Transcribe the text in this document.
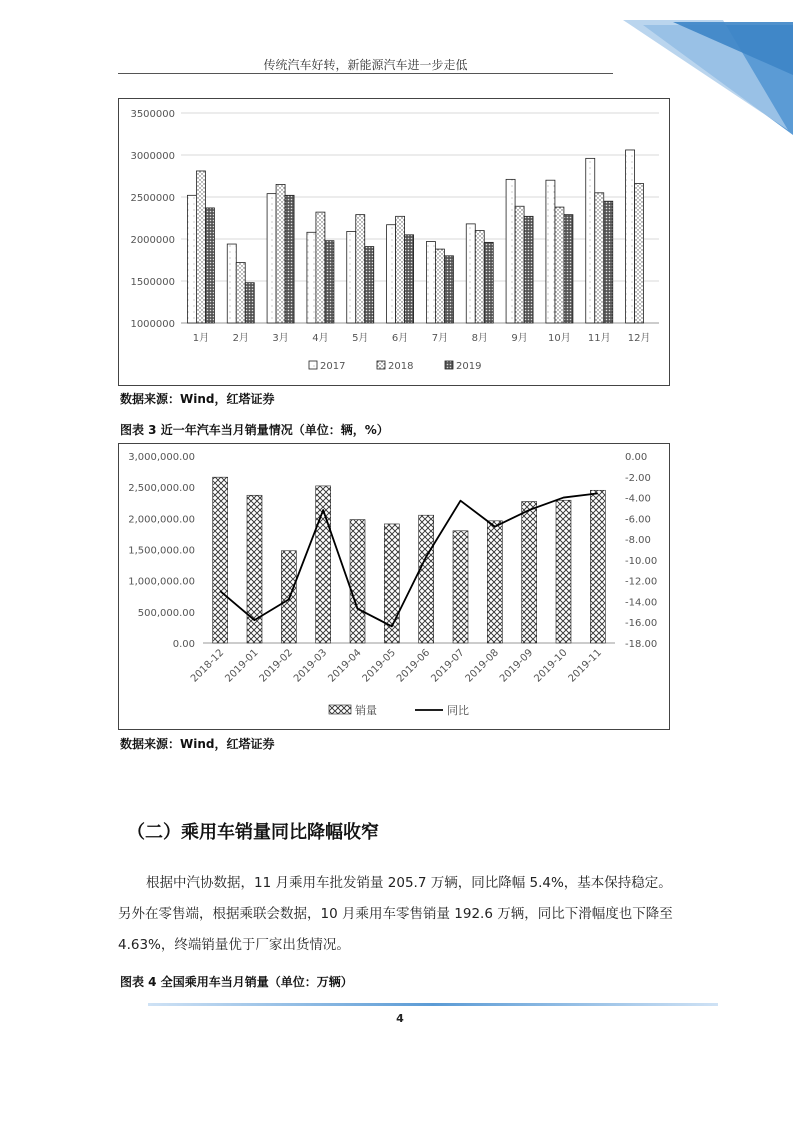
传统汽车好转，新能源汽车进一步走低
1000000
1500000
2000000
2500000
3000000
3500000
1月 2月 3月 4月 5月 6月 7月 8月 9月 10月 11月 12月
2017	2018	2019
数据来源：Wind，红塔证券
图表 3 近一年汽车当月销量情况（单位：辆，%）
0.00
500,000.00
1,000,000.00
1,500,000.00
2,000,000.00
2,500,000.00
3,000,000.00	0.00
-2.00
-4.00
-6.00
-8.00
-10.00
-12.00
-14.00
-16.00
-18.00
2018-12
2019-01
2019-02
2019-03
2019-04
2019-05
2019-06
2019-07
2019-08
2019-09
2019-10
2019-11
销量	同比
数据来源：Wind，红塔证券
（二）乘用车销量同比降幅收窄
根据中汽协数据，11 月乘用车批发销量 205.7 万辆，同比降幅 5.4%，基本保持稳定。另外在零售端，根据乘联会数据，10 月乘用车零售销量 192.6 万辆，同比下滑幅度也下降至 4.63%，终端销量优于厂家出货情况。
图表 4 全国乘用车当月销量（单位：万辆）
4
